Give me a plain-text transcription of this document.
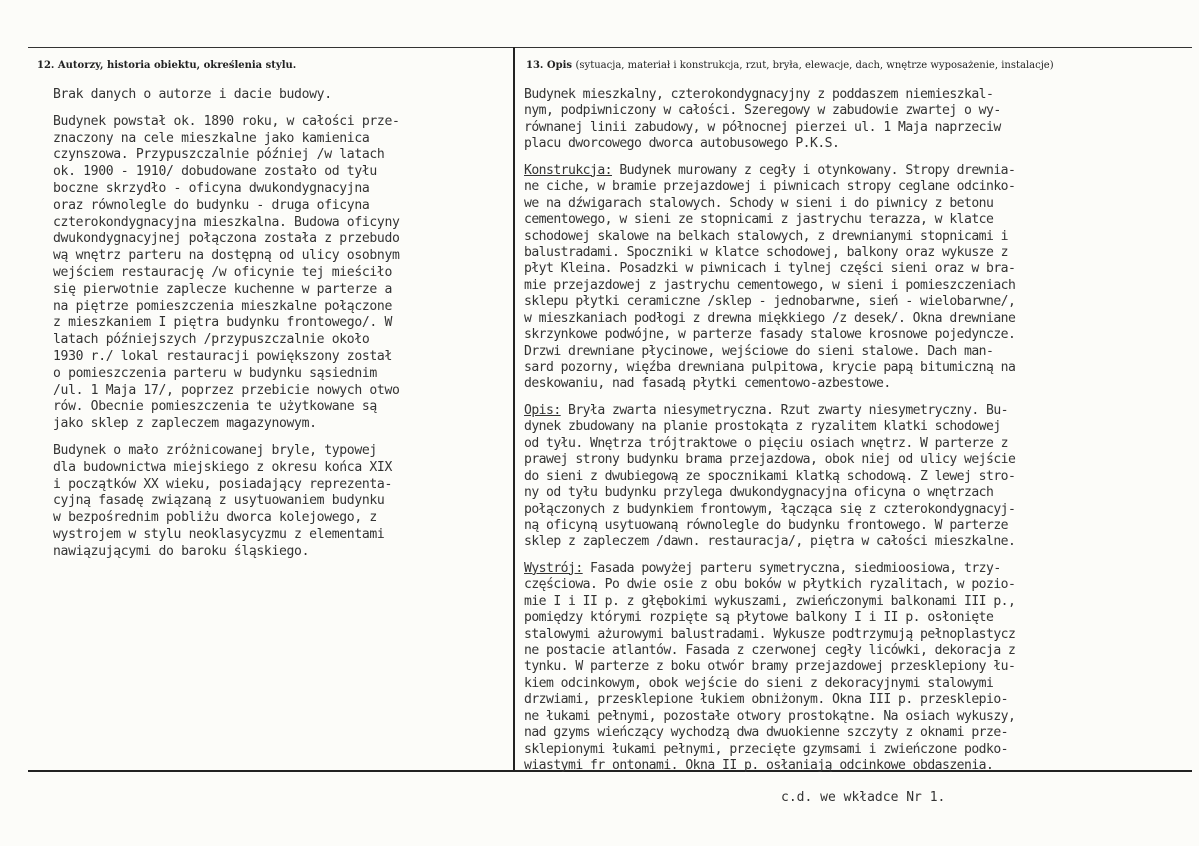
12. Autorzy, historia obiektu, określenia stylu.	13. Opis (sytuacja, materiał i konstrukcja, rzut, bryła, elewacje, dach, wnętrze wyposażenie, instalacje)
Brak danych o autorze i dacie budowy.
Budynek powstał ok. 1890 roku, w całości prze-
znaczony na cele mieszkalne jako kamienica
czynszowa. Przypuszczalnie później /w latach
ok. 1900 - 1910/ dobudowane zostało od tyłu
boczne skrzydło - oficyna dwukondygnacyjna
oraz równolegle do budynku - druga oficyna
czterokondygnacyjna mieszkalna. Budowa oficyny
dwukondygnacyjnej połączona została z przebudo
wą wnętrz parteru na dostępną od ulicy osobnym
wejściem restaurację /w oficynie tej mieściło
się pierwotnie zaplecze kuchenne w parterze a
na piętrze pomieszczenia mieszkalne połączone
z mieszkaniem I piętra budynku frontowego/. W
latach późniejszych /przypuszczalnie około
1930 r./ lokal restauracji powiększony został
o pomieszczenia parteru w budynku sąsiednim
/ul. 1 Maja 17/, poprzez przebicie nowych otwo
rów. Obecnie pomieszczenia te użytkowane są
jako sklep z zapleczem magazynowym.
Budynek o mało zróżnicowanej bryle, typowej
dla budownictwa miejskiego z okresu końca XIX
i początków XX wieku, posiadający reprezenta-
cyjną fasadę związaną z usytuowaniem budynku
w bezpośrednim pobliżu dworca kolejowego, z
wystrojem w stylu neoklasycyzmu z elementami
nawiązującymi do baroku śląskiego.
Budynek mieszkalny, czterokondygnacyjny z poddaszem niemieszkal-
nym, podpiwniczony w całości. Szeregowy w zabudowie zwartej o wy-
równanej linii zabudowy, w północnej pierzei ul. 1 Maja naprzeciw
placu dworcowego dworca autobusowego P.K.S.
Konstrukcja: Budynek murowany z cegły i otynkowany. Stropy drewnia-
ne ciche, w bramie przejazdowej i piwnicach stropy ceglane odcinko-
we na dźwigarach stalowych. Schody w sieni i do piwnicy z betonu
cementowego, w sieni ze stopnicami z jastrychu terazza, w klatce
schodowej skalowe na belkach stalowych, z drewnianymi stopnicami i
balustradami. Spoczniki w klatce schodowej, balkony oraz wykusze z
płyt Kleina. Posadzki w piwnicach i tylnej części sieni oraz w bra-
mie przejazdowej z jastrychu cementowego, w sieni i pomieszczeniach
sklepu płytki ceramiczne /sklep - jednobarwne, sień - wielobarwne/,
w mieszkaniach podłogi z drewna miękkiego /z desek/. Okna drewniane
skrzynkowe podwójne, w parterze fasady stalowe krosnowe pojedyncze.
Drzwi drewniane płycinowe, wejściowe do sieni stalowe. Dach man-
sard pozorny, więźba drewniana pulpitowa, krycie papą bitumiczną na
deskowaniu, nad fasadą płytki cementowo-azbestowe.
Opis: Bryła zwarta niesymetryczna. Rzut zwarty niesymetryczny. Bu-
dynek zbudowany na planie prostokąta z ryzalitem klatki schodowej
od tyłu. Wnętrza trójtraktowe o pięciu osiach wnętrz. W parterze z
prawej strony budynku brama przejazdowa, obok niej od ulicy wejście
do sieni z dwubiegową ze spocznikami klatką schodową. Z lewej stro-
ny od tyłu budynku przylega dwukondygnacyjna oficyna o wnętrzach
połączonych z budynkiem frontowym, łącząca się z czterokondygnacyj-
ną oficyną usytuowaną równolegle do budynku frontowego. W parterze
sklep z zapleczem /dawn. restauracja/, piętra w całości mieszkalne.
Wystrój: Fasada powyżej parteru symetryczna, siedmioosiowa, trzy-
częściowa. Po dwie osie z obu boków w płytkich ryzalitach, w pozio-
mie I i II p. z głębokimi wykuszami, zwieńczonymi balkonami III p.,
pomiędzy którymi rozpięte są płytowe balkony I i II p. osłonięte
stalowymi ażurowymi balustradami. Wykusze podtrzymują pełnoplastycz
ne postacie atlantów. Fasada z czerwonej cegły licówki, dekoracja z
tynku. W parterze z boku otwór bramy przejazdowej przesklepiony łu-
kiem odcinkowym, obok wejście do sieni z dekoracyjnymi stalowymi
drzwiami, przesklepione łukiem obniżonym. Okna III p. przesklepio-
ne łukami pełnymi, pozostałe otwory prostokątne. Na osiach wykuszy,
nad gzyms wieńczący wychodzą dwa dwuokienne szczyty z oknami prze-
sklepionymi łukami pełnymi, przecięte gzymsami i zwieńczone podko-
wiastymi fr ontonami. Okna II p. osłaniają odcinkowe obdaszenia.
c.d. we wkładce Nr 1.
